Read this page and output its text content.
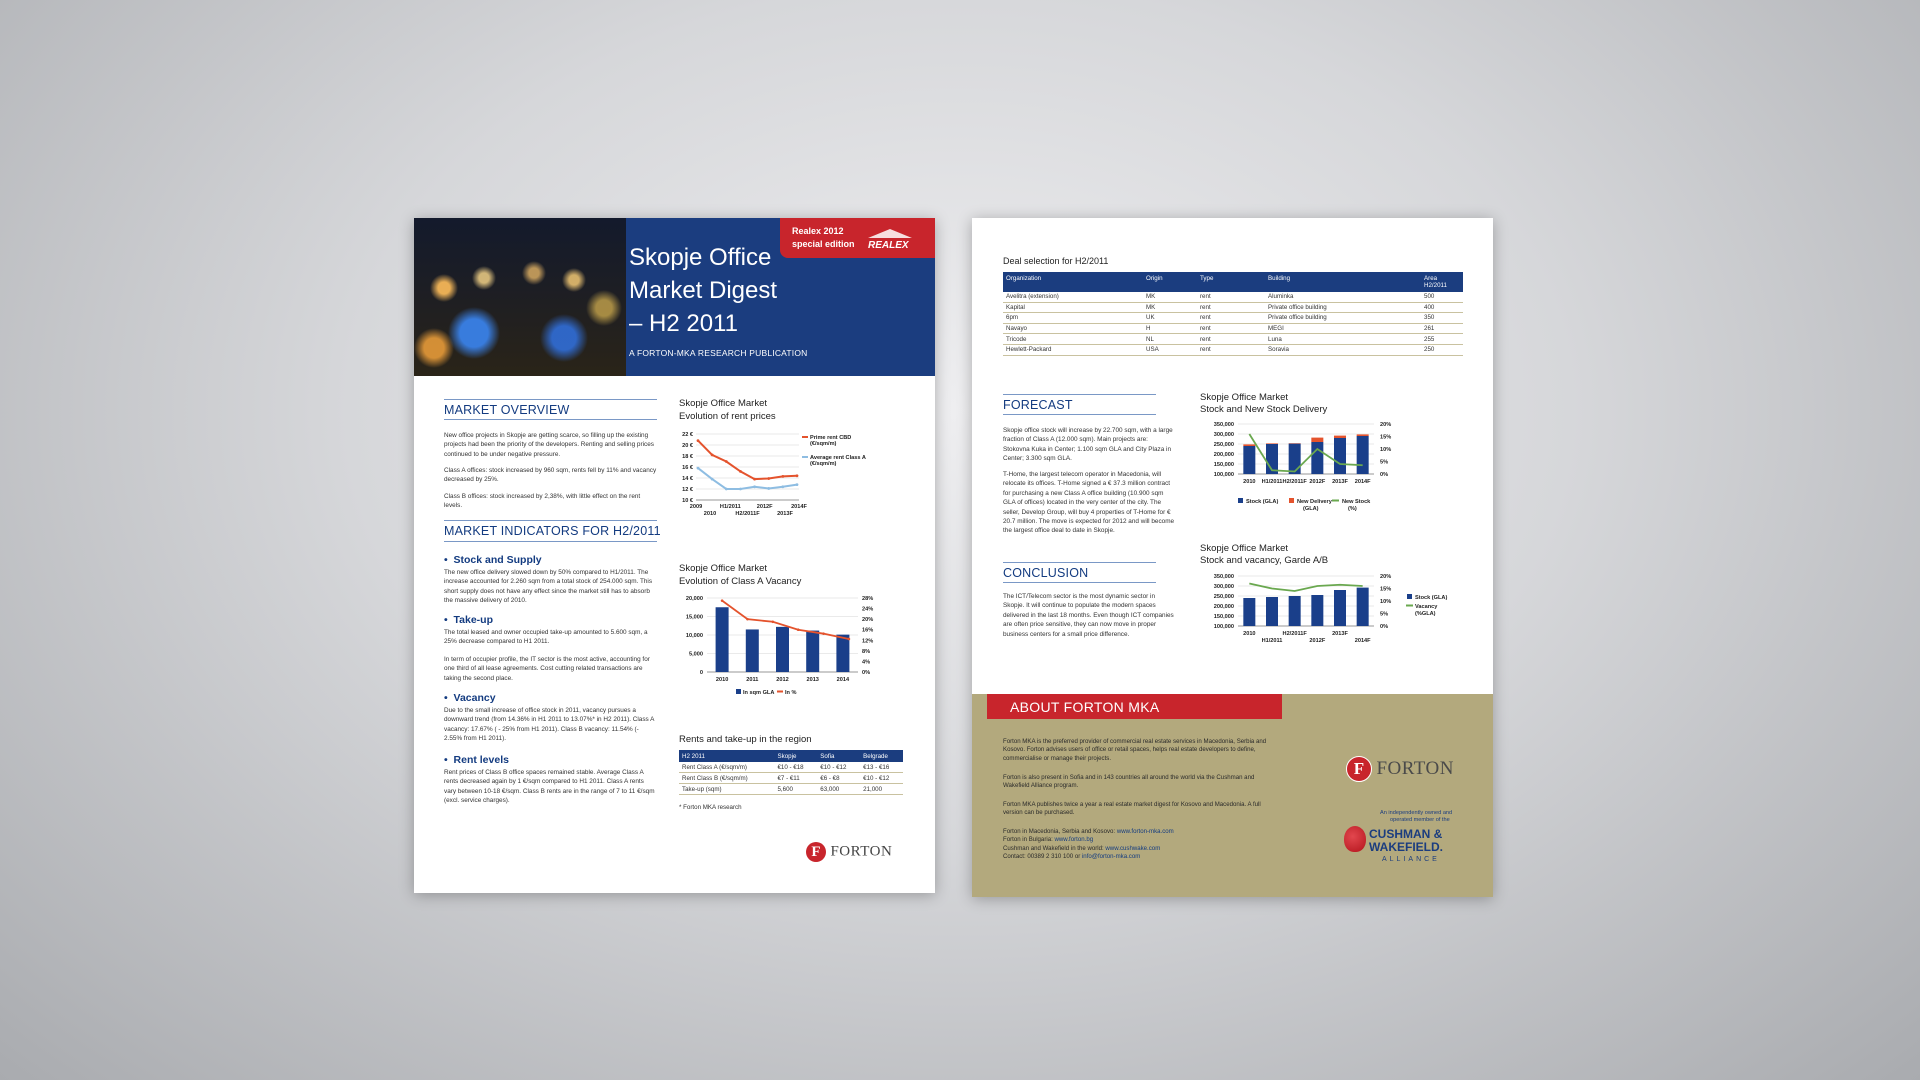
Realex 2012
special edition REALEX
Skopje Office
Market Digest
– H2 2011
A FORTON-MKA RESEARCH PUBLICATION
MARKET OVERVIEW
New office projects in Skopje are getting scarce, so filling up the existing projects had been the priority of the developers. Renting and selling prices continued to be under negative pressure.
Class A offices: stock increased by 960 sqm, rents fell by 11% and vacancy decreased by 25%.
Class B offices: stock increased by 2,38%, with little effect on the rent levels.
MARKET INDICATORS FOR H2/2011
•  Stock and Supply
The new office delivery slowed down by 50% compared to H1/2011. The increase accounted for 2.260 sqm from a total stock of 254.000 sqm. This short supply does not have any effect since the market still has to absorb the massive delivery of 2010.
•  Take-up
The total leased and owner occupied take-up amounted to 5.600 sqm, a 25% decrease compared to H1 2011.
In term of occupier profile, the IT sector is the most active, accounting for one third of all lease agreements. Cost cutting related transactions are taking the second place.
•  Vacancy
Due to the small increase of office stock in 2011, vacancy pursues a downward trend (from 14.36% in H1 2011 to 13.07%* in H2 2011). Class A vacancy: 17.67% ( - 25% from H1 2011). Class B vacancy: 11.54% (- 2.55% from H1 2011).
•  Rent levels
Rent prices of Class B office spaces remained stable. Average Class A rents decreased again by 1 €/sqm compared to H1 2011. Class A rents vary between 10-18 €/sqm. Class B rents are in the range of 7 to 11 €/sqm (excl. service charges).
Skopje Office Market
Evolution of rent prices
22 €
20 €
18 €
16 €
14 €
12 €
10 €
Prime rent CBD
(€/sqm/m)
Average rent Class A
(€/sqm/m)
2009	H1/2011	2012F	2014F
2010	H2/2011F	2013F
Skopje Office Market
Evolution of Class A Vacancy
20,000
15,000
10,000
5,000
0
28%
24%
20%
16%
12%
8%
4%
0%
2010	2011	2012	2013	2014
In sqm GLA In %
Rents and take-up in the region
H2 2011	Skopje	Sofia	Belgrade
Rent Class A (€/sqm/m)	€10 - €18	€10 - €12	€13 - €16
Rent Class B (€/sqm/m)	€7 - €11	€6 - €8	€10 - €12
Take-up (sqm)	5,600	63,000	21,000
* Forton MKA research
F FORTON
Deal selection for H2/2011
Organization	Origin	Type	Building	Area
H2/2011
Avelitra (extension)	MK	rent	Aluminka	500
Kapital	MK	rent	Private office building	400
6pm	UK	rent	Private office building	350
Navayo	H	rent	MEGI	261
Tricode	NL	rent	Luna	255
Hewlett-Packard	USA	rent	Soravia	250
FORECAST
Skopje office stock will increase by 22.700 sqm, with a large fraction of Class A (12.000 sqm). Main projects are: Stokovna Kuka in Center; 1.100 sqm GLA and City Plaza in Center; 3.300 sqm GLA.
T-Home, the largest telecom operator in Macedonia, will relocate its offices. T-Home signed a € 37.3 million contract for purchasing a new Class A office building (10.900 sqm GLA of offices) located in the very center of the city. The seller, Develop Group, will buy 4 properties of T-Home for € 20.7 million. The move is expected for 2012 and will become the largest office deal to date in Skopje.
CONCLUSION
The ICT/Telecom sector is the most dynamic sector in Skopje. It will continue to populate the modern spaces delivered in the last 18 months. Even though ICT companies are often price sensitive, they can now move in proper business centers for a small price difference.
Skopje Office Market
Stock and New Stock Delivery
350,000
300,000
250,000
200,000
150,000
100,000
20%
15%
10%
5%
0%
2010 H1/2011 H2/2011F 2012F 2013F 2014F
Stock (GLA)	New Delivery
(GLA)
New Stock
(%)
Skopje Office Market
Stock and vacancy, Garde A/B
350,000
300,000
250,000
200,000
150,000
100,000
20%
15%
10%
5%
0%
2010	H2/2011F	2013F
H1/2011	2012F	2014F
Stock (GLA)
Vacancy
(%GLA)
ABOUT FORTON MKA
Forton MKA is the preferred provider of commercial real estate services in Macedonia, Serbia and Kosovo. Forton advises users of office or retail spaces, helps real estate developers to define, commercialise or manage their projects.
Forton is also present in Sofia and in 143 countries all around the world via the Cushman and Wakefield Alliance program.
Forton MKA publishes twice a year a real estate market digest for Kosovo and Macedonia. A full version can be purchased.
Forton in Macedonia, Serbia and Kosovo: www.forton-mka.com
Forton in Bulgaria: www.forton.bg
Cushman and Wakefield in the world: www.cushwake.com
Contact: 00389 2 310 100 or info@forton-mka.com
F FORTON
An independently owned and
operated member of the
CUSHMAN &
WAKEFIELD.
ALLIANCE
